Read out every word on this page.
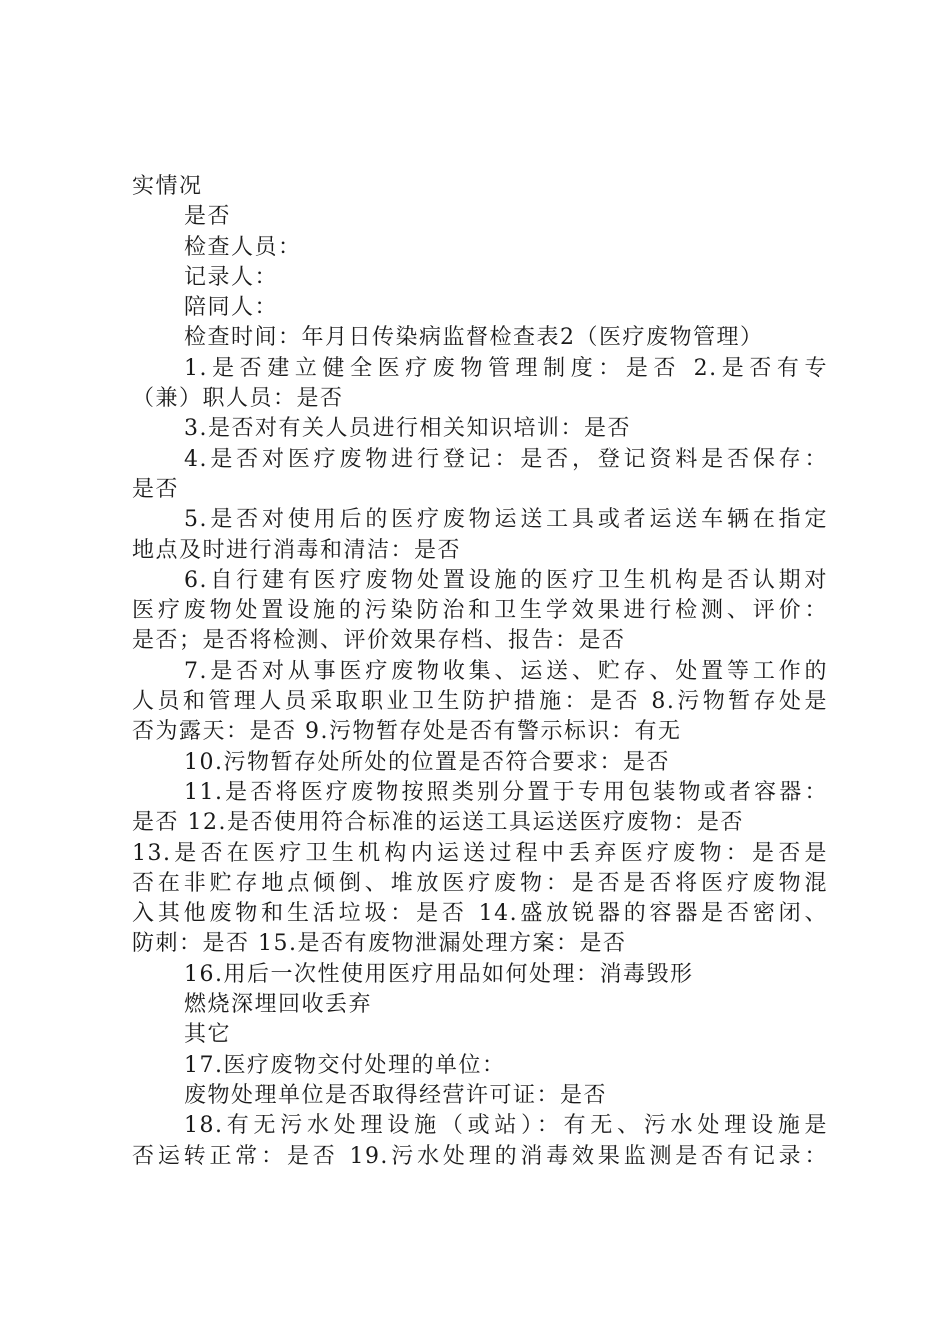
实情况
是否
检查人员：
记录人：
陪同人：
检查时间：年月日传染病监督检查表2（医疗废物管理）
1.是否建立健全医疗废物管理制度：是否 2.是否有专
（兼）职人员：是否
3.是否对有关人员进行相关知识培训：是否
4.是否对医疗废物进行登记：是否，登记资料是否保存：
是否
5.是否对使用后的医疗废物运送工具或者运送车辆在指定
地点及时进行消毒和清洁：是否
6.自行建有医疗废物处置设施的医疗卫生机构是否认期对
医疗废物处置设施的污染防治和卫生学效果进行检测、评价：
是否；是否将检测、评价效果存档、报告：是否
7.是否对从事医疗废物收集、运送、贮存、处置等工作的
人员和管理人员采取职业卫生防护措施：是否 8.污物暂存处是
否为露天：是否 9.污物暂存处是否有警示标识：有无
10.污物暂存处所处的位置是否符合要求：是否
11.是否将医疗废物按照类别分置于专用包装物或者容器：
是否 12.是否使用符合标准的运送工具运送医疗废物：是否
13.是否在医疗卫生机构内运送过程中丢弃医疗废物：是否是
否在非贮存地点倾倒、堆放医疗废物：是否是否将医疗废物混
入其他废物和生活垃圾：是否 14.盛放锐器的容器是否密闭、
防刺：是否 15.是否有废物泄漏处理方案：是否
16.用后一次性使用医疗用品如何处理：消毒毁形
燃烧深埋回收丢弃
其它
17.医疗废物交付处理的单位：
废物处理单位是否取得经营许可证：是否
18.有无污水处理设施（或站）：有无、污水处理设施是
否运转正常：是否 19.污水处理的消毒效果监测是否有记录：
